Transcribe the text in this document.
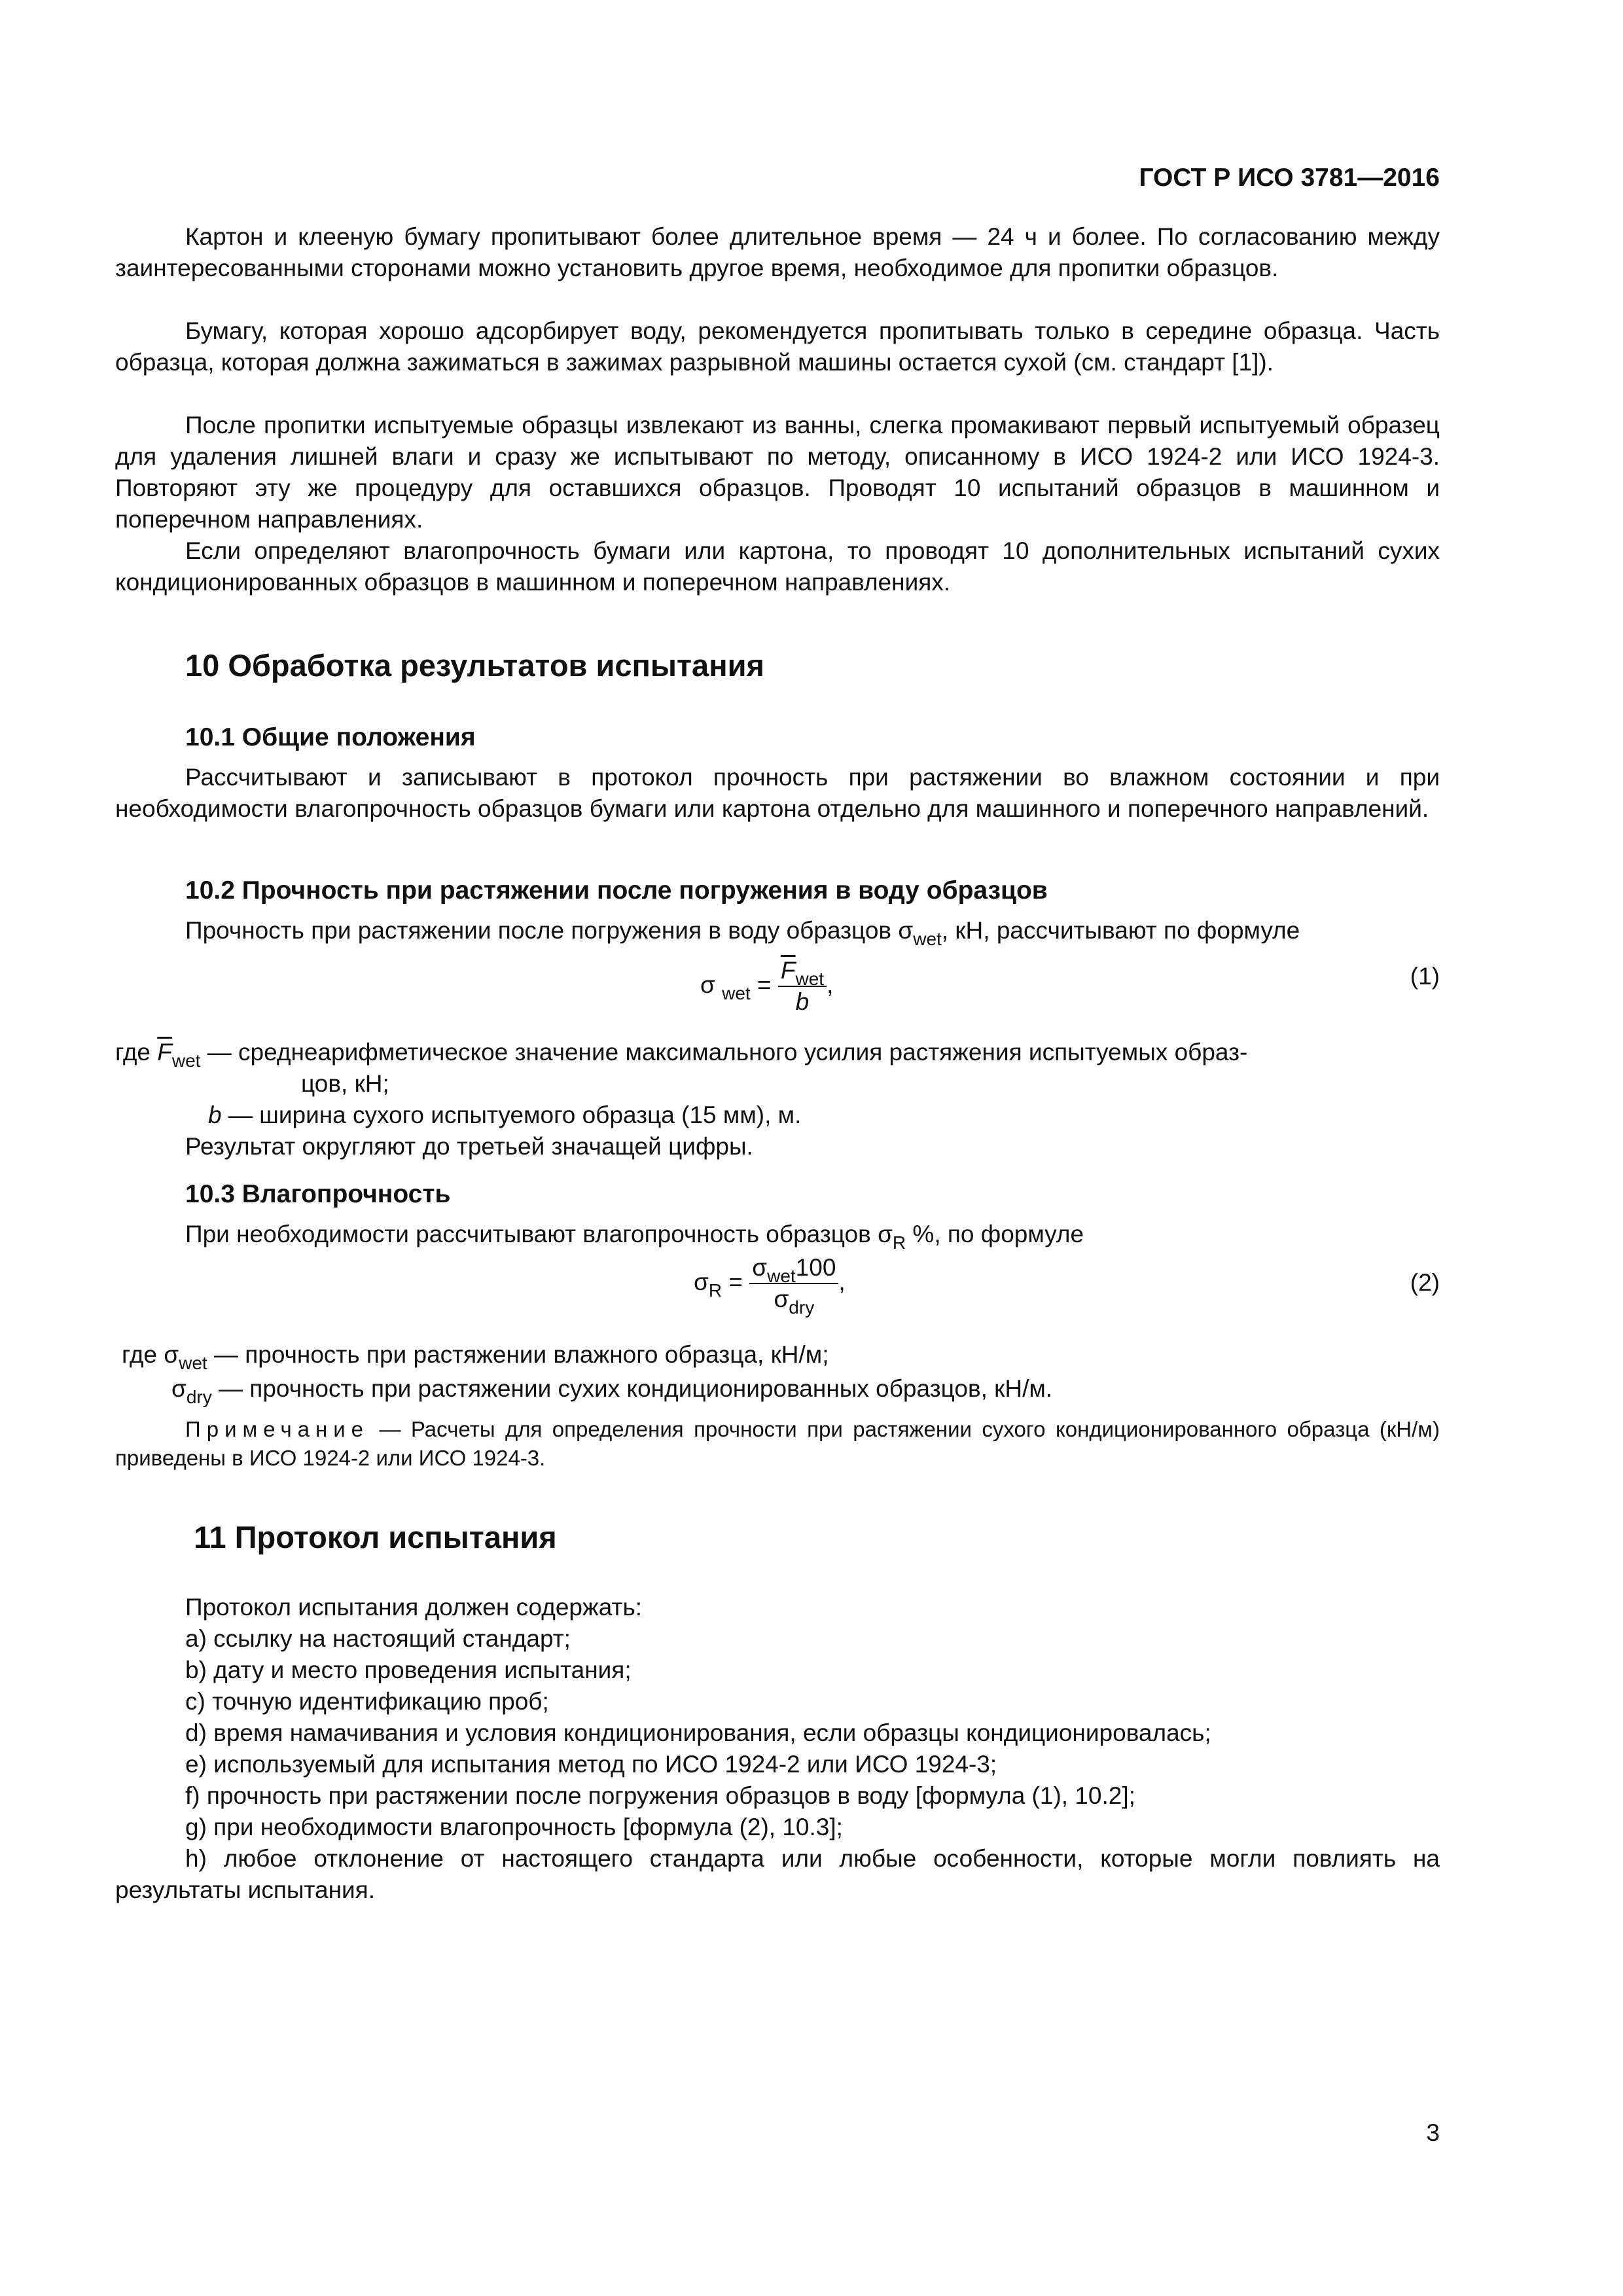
ГОСТ Р ИСО 3781—2016

Картон и клееную бумагу пропитывают более длительное время — 24 ч и более. По согласованию между заинтересованными сторонами можно установить другое время, необходимое для пропитки образцов.

Бумагу, которая хорошо адсорбирует воду, рекомендуется пропитывать только в середине образца. Часть образца, которая должна зажиматься в зажимах разрывной машины остается сухой (см. стандарт [1]).

После пропитки испытуемые образцы извлекают из ванны, слегка промакивают первый испытуемый образец для удаления лишней влаги и сразу же испытывают по методу, описанному в ИСО 1924-2 или ИСО 1924-3. Повторяют эту же процедуру для оставшихся образцов. Проводят 10 испытаний образцов в машинном и поперечном направлениях.

Если определяют влагопрочность бумаги или картона, то проводят 10 дополнительных испытаний сухих кондиционированных образцов в машинном и поперечном направлениях.

10 Обработка результатов испытания
10.1 Общие положения

Рассчитывают и записывают в протокол прочность при растяжении во влажном состоянии и при необходимости влагопрочность образцов бумаги или картона отдельно для машинного и поперечного направлений.

10.2 Прочность при растяжении после погружения в воду образцов
Прочность при растяжении после погружения в воду образцов $\sigma_{wet}$, кН, рассчитывают по формуле
σ $_{wet} = \frac{\overline{F}_{wet}}{b}$ ,	(1)
где $\overline{F}_{wet}$ — среднеарифметическое значение максимального усилия растяжения испытуемых образ-
цов, кН;
b — ширина сухого испытуемого образца (15 мм), м.
Результат округляют до третьей значащей цифры.
10.3 Влагопрочность
При необходимости рассчитывают влагопрочность образцов $\sigma_R$ %, по формуле
$\sigma_R = \frac{\sigma_{wet}100}{\sigma_{dry}}$ ,	(2)
где $\sigma_{wet}$ — прочность при растяжении влажного образца, кН/м;
$\sigma_{dry}$ — прочность при растяжении сухих кондиционированных образцов, кН/м.

Примечание — Расчеты для определения прочности при растяжении сухого кондиционированного образца (кН/м) приведены в ИСО 1924-2 или ИСО 1924-3.

11 Протокол испытания
Протокол испытания должен содержать:
a) ссылку на настоящий стандарт;
b) дату и место проведения испытания;
c) точную идентификацию проб;
d) время намачивания и условия кондиционирования, если образцы кондиционировалась;
e) используемый для испытания метод по ИСО 1924-2 или ИСО 1924-3;
f) прочность при растяжении после погружения образцов в воду [формула (1), 10.2];
g) при необходимости влагопрочность [формула (2), 10.3];

h) любое отклонение от настоящего стандарта или любые особенности, которые могли повлиять на результаты испытания.

3
